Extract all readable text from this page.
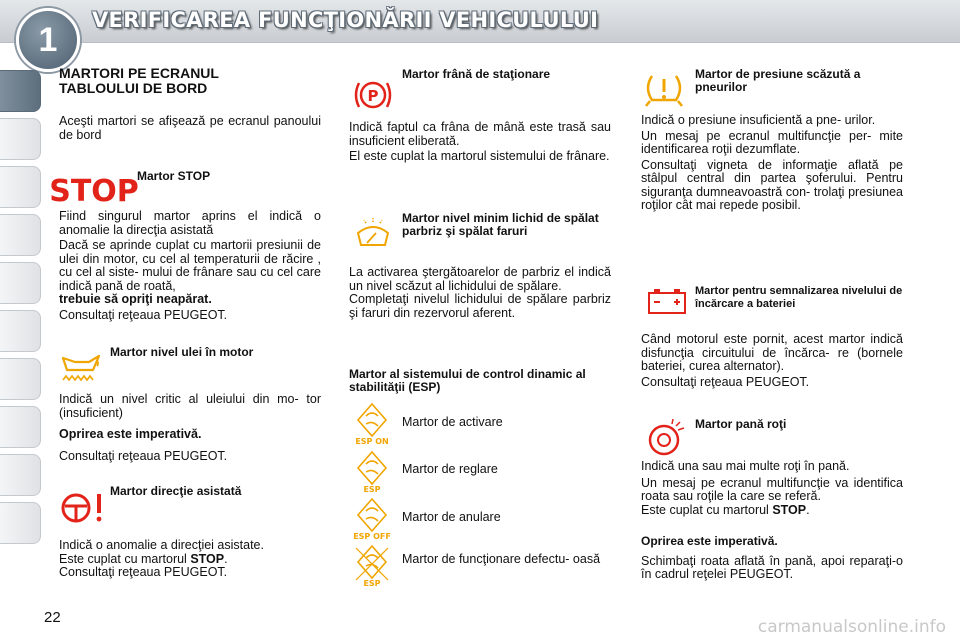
1
VERIFICAREA FUNCŢIONĂRII VEHICULULUI
22
MARTORI PE ECRANUL TABLOULUI DE BORD

Aceşti martori se afişează pe ecranul panoului de bord

STOP
Martor STOP

Fiind singurul martor aprins el indică o anomalie la direcţia asistată

Dacă se aprinde cuplat cu martorii presiunii de ulei din motor, cu cel al temperaturii de răcire , cu cel al siste- mului de frânare sau cu cel care indică pană de roată,

trebuie să opriţi neapărat.

Consultaţi reţeaua PEUGEOT.

Martor nivel ulei în motor

Indică un nivel critic al uleiului din mo- tor (insuficient)

Oprirea este imperativă.

Consultaţi reţeaua PEUGEOT.

Martor direcţie asistată

Indică o anomalie a direcţiei asistate.

Este cuplat cu martorul STOP.

Consultaţi reţeaua PEUGEOT.

P
Martor frână de staţionare

Indică faptul ca frâna de mână este trasă sau insuficient eliberată.

El este cuplat la martorul sistemului de frânare.

Martor nivel minim lichid de spălat parbriz şi spălat faruri

La activarea ştergătoarelor de parbriz el indică un nivel scăzut al lichidului de spălare.

Completaţi nivelul lichidului de spălare parbriz şi faruri din rezervorul aferent.

Martor al sistemului de control dinamic al stabilităţii (ESP)
ESP ON
Martor de activare
ESP
Martor de reglare
ESP OFF
Martor de anulare
ESP
Martor de funcţionare defectu- oasă
Martor de presiune scăzută a pneurilor

Indică o presiune insuficientă a pne- urilor.

Un mesaj pe ecranul multifuncţie per- mite identificarea roţii dezumflate.

Consultaţi vigneta de informaţie aflată pe stâlpul central din partea şoferului. Pentru siguranţa dumneavoastră con- trolaţi presiunea roţilor cât mai repede posibil.

Martor pentru semnalizarea nivelului de încărcare a bateriei

Când motorul este pornit, acest martor indică disfuncţia circuitului de încărca- re (bornele bateriei, curea alternator).

Consultaţi reţeaua PEUGEOT.

Martor pană roţi

Indică una sau mai multe roţi în pană.

Un mesaj pe ecranul multifuncţie va identifica roata sau roţile la care se referă.

Este cuplat cu martorul STOP.

Oprirea este imperativă.

Schimbaţi roata aflată în pană, apoi reparaţi-o în cadrul reţelei PEUGEOT.

carmanualsonline.info
